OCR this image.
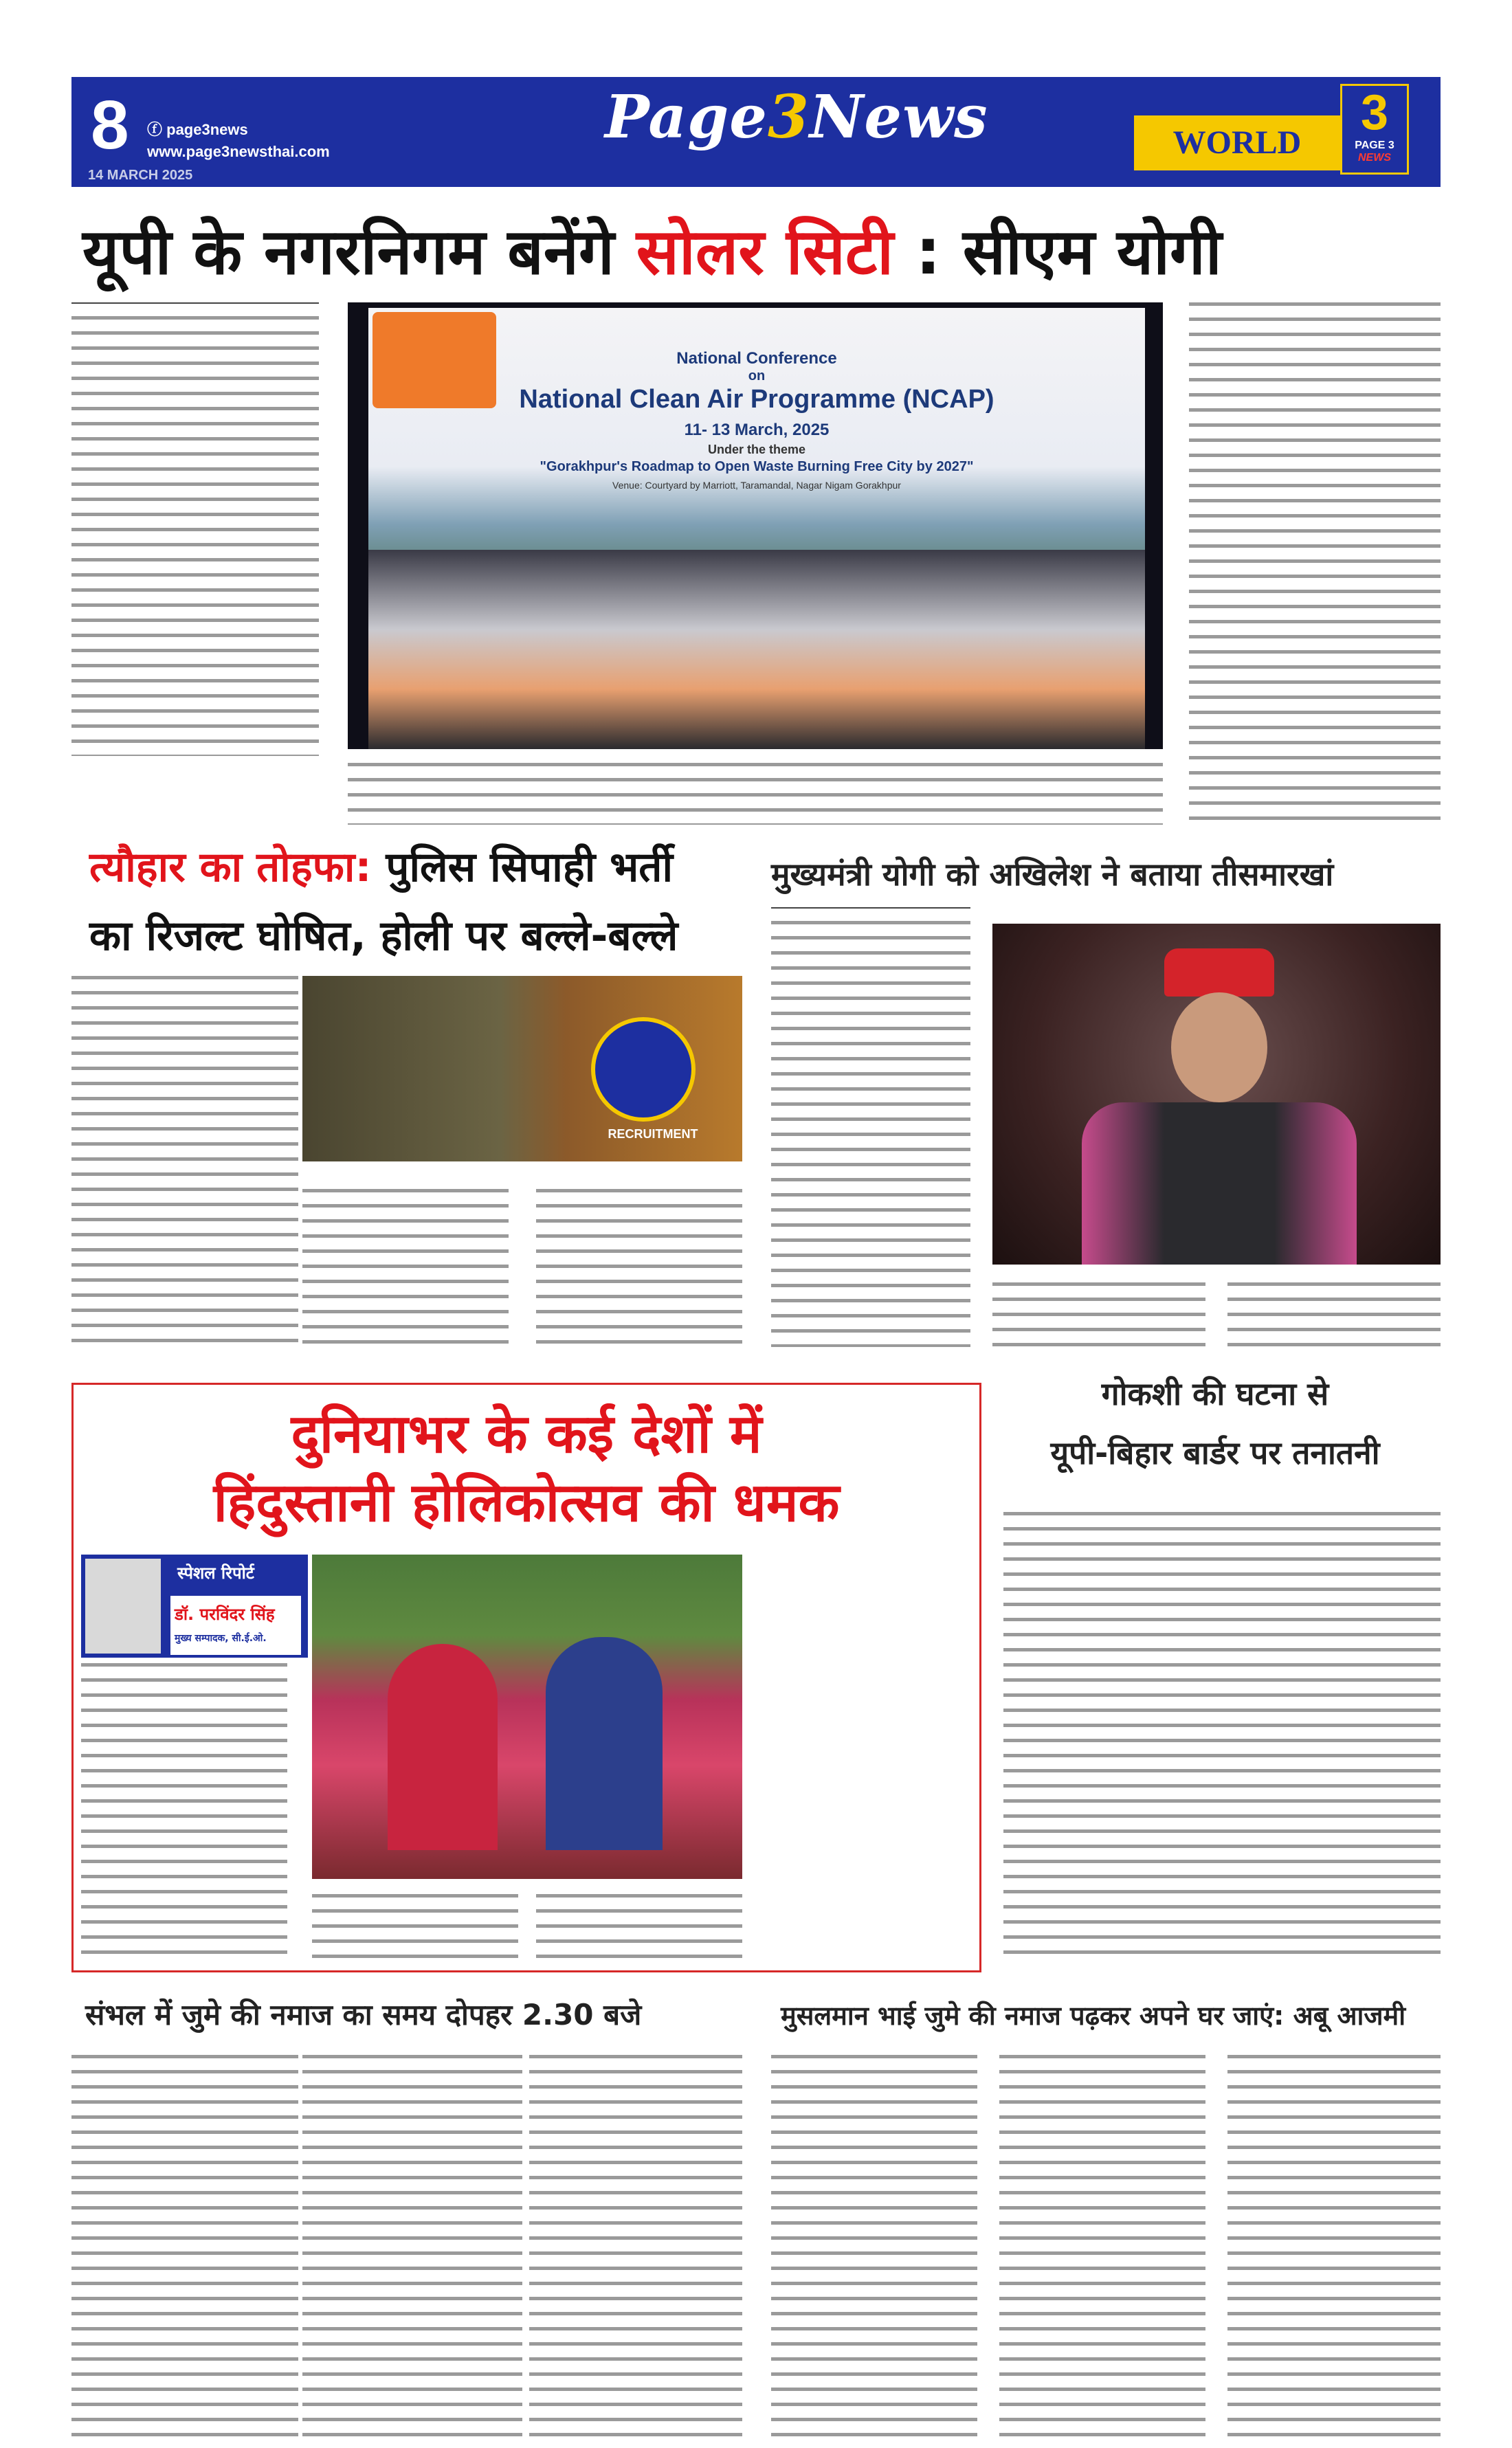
8 ⓕ page3news
www.page3newsthai.com
14 MARCH 2025
Page3News	WORLD
3
PAGE 3
NEWS
यूपी के नगरनिगम बनेंगे सोलर सिटी : सीएम योगी
National Conference
on
National Clean Air Programme (NCAP)
11- 13 March, 2025
Under the theme
"Gorakhpur's Roadmap to Open Waste Burning Free City by 2027"
Venue: Courtyard by Marriott, Taramandal, Nagar Nigam Gorakhpur
त्यौहार का तोहफा: पुलिस सिपाही भर्ती
का रिजल्ट घोषित, होली पर बल्ले-बल्ले
RECRUITMENT
मुख्यमंत्री योगी को अखिलेश ने बताया तीसमारखां
दुनियाभर के कई देशों में
हिंदुस्तानी होलिकोत्सव की धमक
स्पेशल रिपोर्ट
डॉ. परविंदर सिंह
मुख्य सम्पादक, सी.ई.ओ.
गोकशी की घटना से
यूपी-बिहार बार्डर पर तनातनी
संभल में जुमे की नमाज का समय दोपहर 2.30 बजे	मुसलमान भाई जुमे की नमाज पढ़कर अपने घर जाएं: अबू आजमी
